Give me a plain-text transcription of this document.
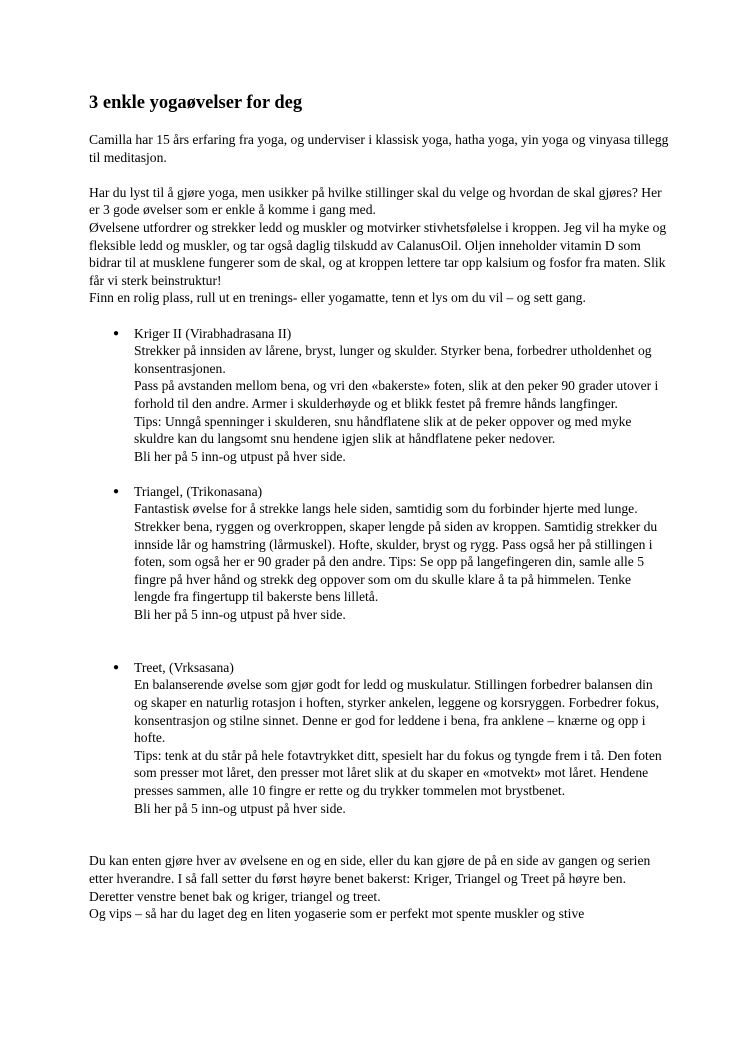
3 enkle yogaøvelser for deg

Camilla har 15 års erfaring fra yoga, og underviser i klassisk yoga, hatha yoga, yin yoga og vinyasa tillegg til meditasjon.

Har du lyst til å gjøre yoga, men usikker på hvilke stillinger skal du velge og hvordan de skal gjøres? Her er 3 gode øvelser som er enkle å komme i gang med.

Øvelsene utfordrer og strekker ledd og muskler og motvirker stivhetsfølelse i kroppen. Jeg vil ha myke og fleksible ledd og muskler, og tar også daglig tilskudd av CalanusOil. Oljen inneholder vitamin D som bidrar til at musklene fungerer som de skal, og at kroppen lettere tar opp kalsium og fosfor fra maten. Slik får vi sterk beinstruktur!

Finn en rolig plass, rull ut en trenings- eller yogamatte, tenn et lys om du vil – og sett gang.

● Kriger II (Virabhadrasana II)
Strekker på innsiden av lårene, bryst, lunger og skulder. Styrker bena, forbedrer utholdenhet og konsentrasjonen.
Pass på avstanden mellom bena, og vri den «bakerste» foten, slik at den peker 90 grader utover i forhold til den andre. Armer i skulderhøyde og et blikk festet på fremre hånds langfinger.
Tips: Unngå spenninger i skulderen, snu håndflatene slik at de peker oppover og med myke skuldre kan du langsomt snu hendene igjen slik at håndflatene peker nedover.
Bli her på 5 inn-og utpust på hver side.
● Triangel, (Trikonasana)
Fantastisk øvelse for å strekke langs hele siden, samtidig som du forbinder hjerte med lunge. Strekker bena, ryggen og overkroppen, skaper lengde på siden av kroppen. Samtidig strekker du innside lår og hamstring (lårmuskel). Hofte, skulder, bryst og rygg. Pass også her på stillingen i foten, som også her er 90 grader på den andre. Tips: Se opp på langefingeren din, samle alle 5 fingre på hver hånd og strekk deg oppover som om du skulle klare å ta på himmelen. Tenke lengde fra fingertupp til bakerste bens lilletå.
Bli her på 5 inn-og utpust på hver side.
● Treet, (Vrksasana)
En balanserende øvelse som gjør godt for ledd og muskulatur. Stillingen forbedrer balansen din og skaper en naturlig rotasjon i hoften, styrker ankelen, leggene og korsryggen. Forbedrer fokus, konsentrasjon og stilne sinnet. Denne er god for leddene i bena, fra anklene – knærne og opp i hofte.
Tips: tenk at du står på hele fotavtrykket ditt, spesielt har du fokus og tyngde frem i tå. Den foten som presser mot låret, den presser mot låret slik at du skaper en «motvekt» mot låret. Hendene presses sammen, alle 10 fingre er rette og du trykker tommelen mot brystbenet.
Bli her på 5 inn-og utpust på hver side.

Du kan enten gjøre hver av øvelsene en og en side, eller du kan gjøre de på en side av gangen og serien etter hverandre. I så fall setter du først høyre benet bakerst: Kriger, Triangel og Treet på høyre ben. Deretter venstre benet bak og kriger, triangel og treet.

Og vips – så har du laget deg en liten yogaserie som er perfekt mot spente muskler og stive
